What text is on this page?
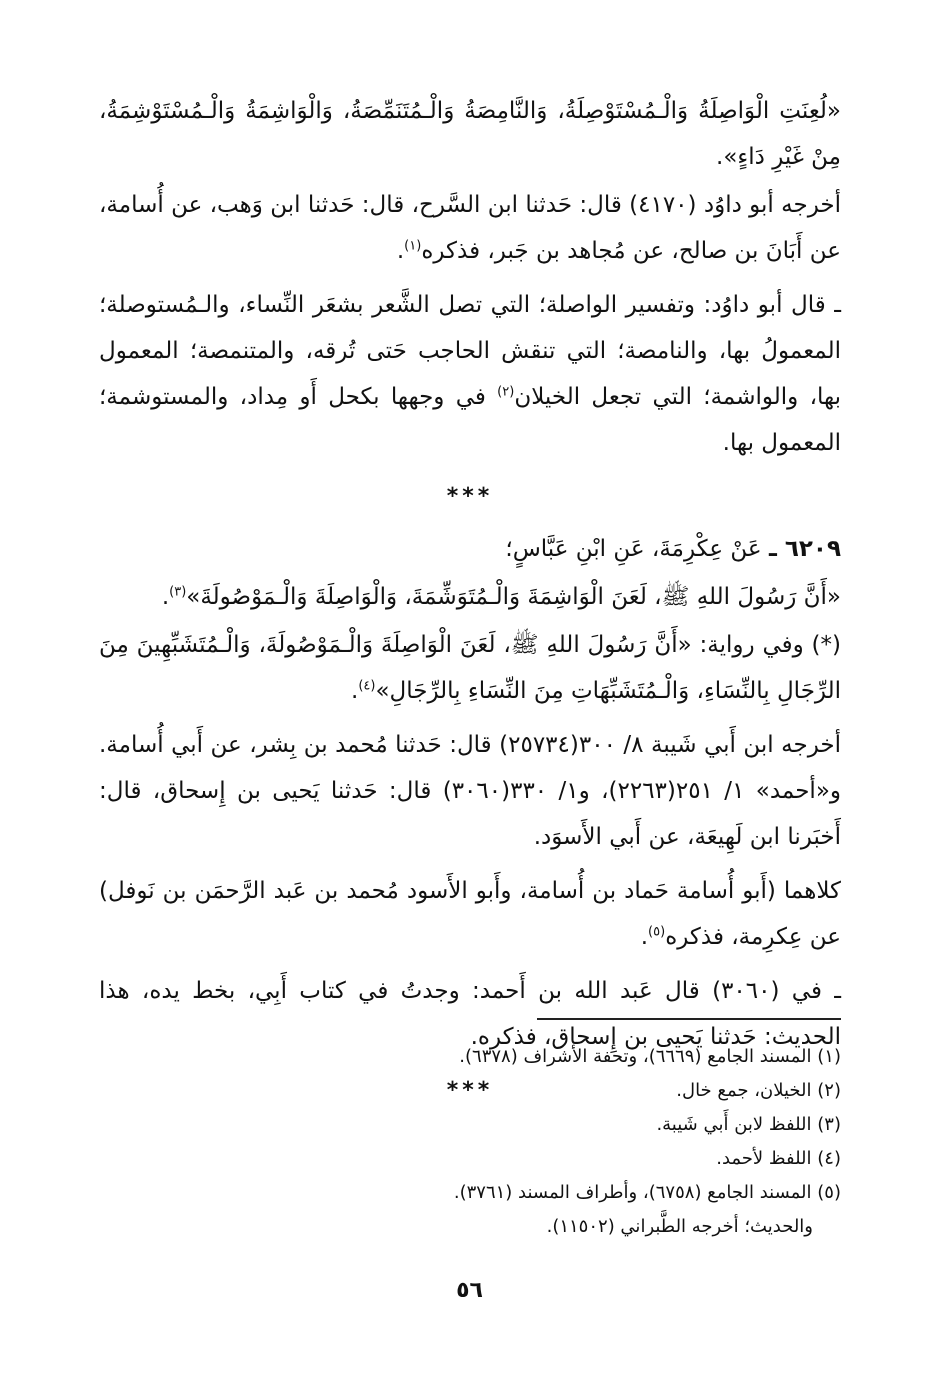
«لُعِنَتِ الْوَاصِلَةُ وَالْـمُسْتَوْصِلَةُ، وَالنَّامِصَةُ وَالْـمُتَنَمِّصَةُ، وَالْوَاشِمَةُ وَالْـمُسْتَوْشِمَةُ، مِنْ غَيْرِ دَاءٍ».

أخرجه أبو داوُد (٤١٧٠) قال: حَدثنا ابن السَّرح، قال: حَدثنا ابن وَهب، عن أُسامة، عن أَبَانَ بن صالح، عن مُجاهد بن جَبر، فذكره$^{(١)}$.

ـ قال أبو داوُد: وتفسير الواصلة؛ التي تصل الشَّعر بشعَر النِّساء، والـمُستوصلة؛ المعمولُ بها، والنامصة؛ التي تنقش الحاجب حَتى تُرقه، والمتنمصة؛ المعمول بها، والواشمة؛ التي تجعل الخيلان$^{(٢)}$ في وجهها بكحل أَو مِداد، والمستوشمة؛ المعمول بها.

***

٦٢٠٩ ـ عَنْ عِكْرِمَةَ، عَنِ ابْنِ عَبَّاسٍ؛

«أَنَّ رَسُولَ اللهِ ﷺ، لَعَنَ الْوَاشِمَةَ وَالْـمُتَوَشِّمَةَ، وَالْوَاصِلَةَ وَالْـمَوْصُولَةَ»$^{(٣)}$.

(*) وفي رواية: «أَنَّ رَسُولَ اللهِ ﷺ، لَعَنَ الْوَاصِلَةَ وَالْـمَوْصُولَةَ، وَالْـمُتَشَبِّهِينَ مِنَ الرِّجَالِ بِالنِّسَاءِ، وَالْـمُتَشَبِّهَاتِ مِنَ النِّسَاءِ بِالرِّجَالِ»$^{(٤)}$.

أخرجه ابن أَبي شَيبة ٨/ ٣٠٠(٢٥٧٣٤) قال: حَدثنا مُحمد بن بِشر، عن أَبي أُسامة. و«أحمد» ١/ ٢٥١(٢٢٦٣)، و١/ ٣٣٠(٣٠٦٠) قال: حَدثنا يَحيى بن إِسحاق، قال: أَخبَرنا ابن لَهِيعَة، عن أَبي الأَسوَد.

كلاهما (أَبو أُسامة حَماد بن أُسامة، وأَبو الأَسود مُحمد بن عَبد الرَّحمَن بن نَوفل) عن عِكرِمة، فذكره$^{(٥)}$.

ـ في (٣٠٦٠) قال عَبد الله بن أَحمد: وجدتُ في كتاب أَبِي، بخط يده، هذا الحديث: حَدثنا يَحيى بن إِسحاق، فذكره.

***

(١) المسند الجامع (٦٦٦٩)، وتحفة الأشراف (٦٣٧٨).

(٢) الخيلان، جمع خال.

(٣) اللفظ لابن أَبي شَيبة.

(٤) اللفظ لأحمد.

(٥) المسند الجامع (٦٧٥٨)، وأطراف المسند (٣٧٦١).

والحديث؛ أخرجه الطَّبراني (١١٥٠٢).

٥٦
